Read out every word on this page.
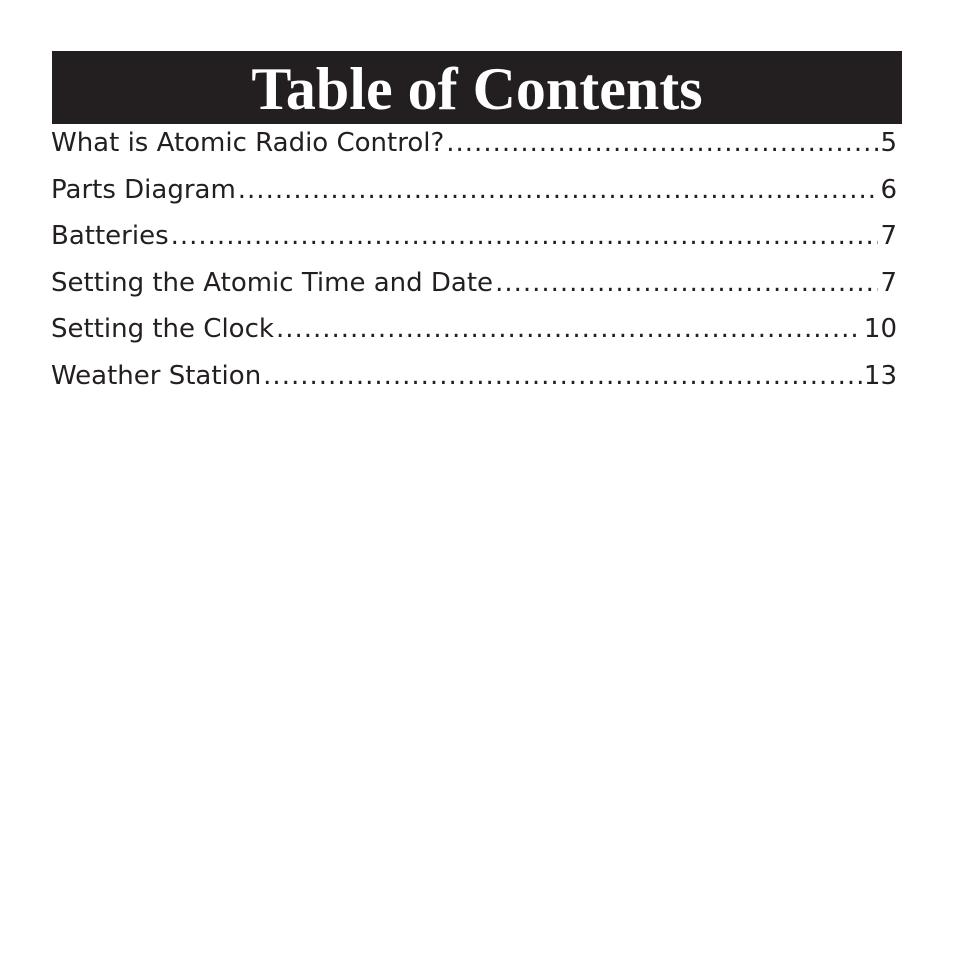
Table of Contents
What is Atomic Radio Control? .....	5
Parts Diagram .....	6
Batteries .....	7
Setting the Atomic Time and Date .....	7
Setting the Clock .....	10
Weather Station .....	13
